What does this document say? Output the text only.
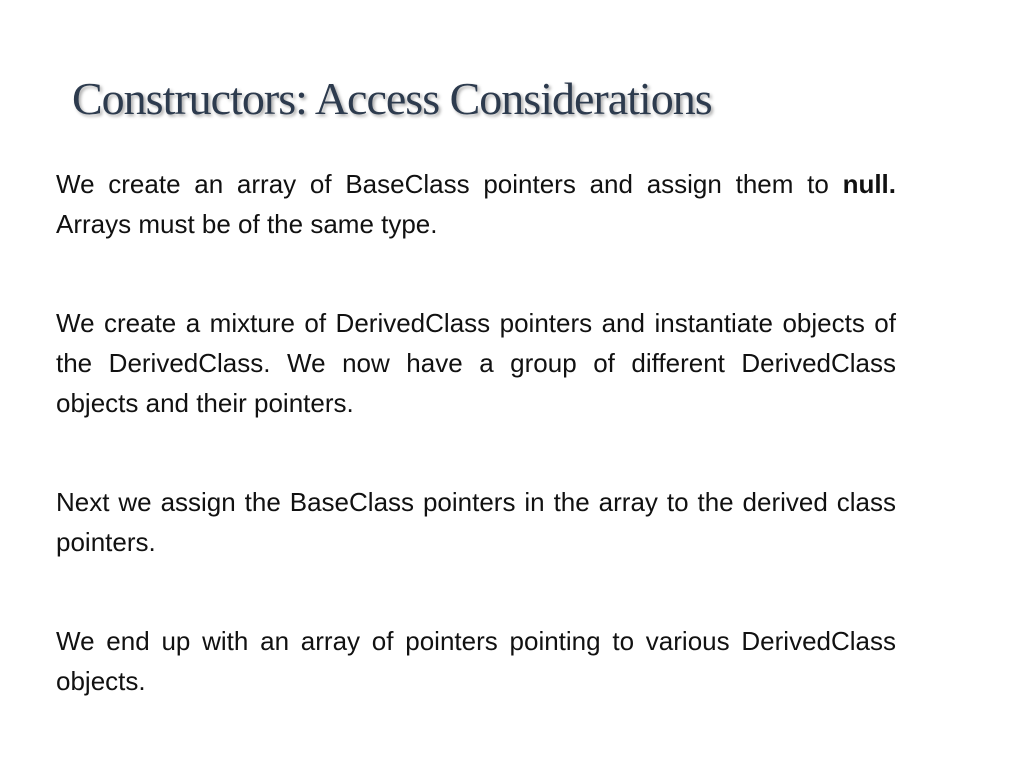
Constructors: Access Considerations

We create an array of BaseClass pointers and assign them to null. Arrays must be of the same type.

We create a mixture of DerivedClass pointers and instantiate objects of the DerivedClass. We now have a group of different DerivedClass objects and their pointers.

Next we assign the BaseClass pointers in the array to the derived class pointers.

We end up with an array of pointers pointing to various DerivedClass objects.
